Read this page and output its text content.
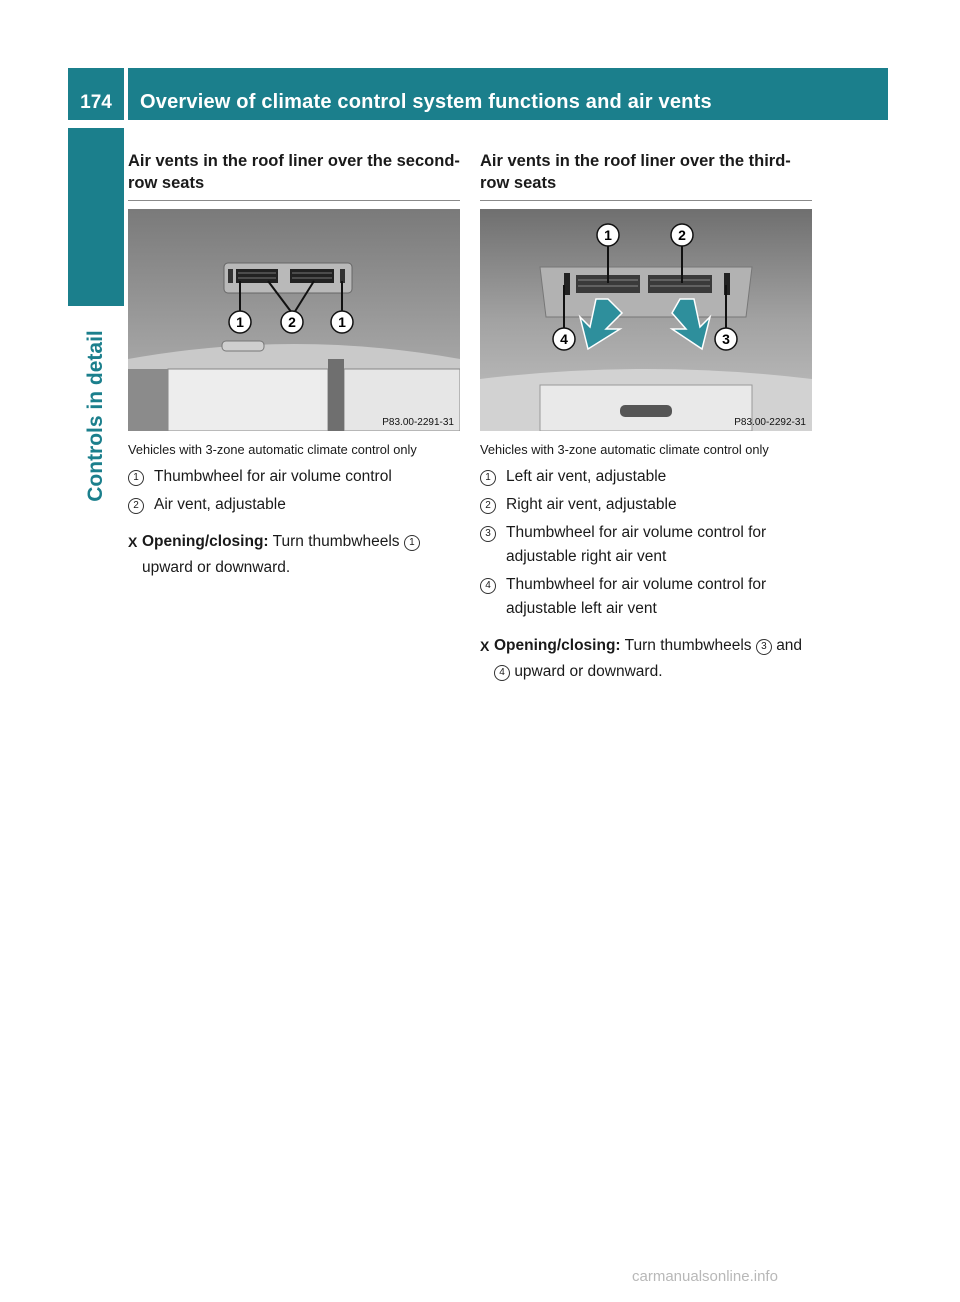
174	Overview of climate control system functions and air vents
Controls in detail
Air vents in the roof liner over the second-row seats
1	2	1
P83.00-2291-31
Vehicles with 3-zone automatic climate control only
1 Thumbwheel for air volume control
2 Air vent, adjustable
X Opening/closing: Turn thumbwheels 1 upward or downward.
Air vents in the roof liner over the third-row seats
1	2
3
4
P83.00-2292-31
Vehicles with 3-zone automatic climate control only
1 Left air vent, adjustable
2 Right air vent, adjustable
3 Thumbwheel for air volume control for adjustable right air vent
4 Thumbwheel for air volume control for adjustable left air vent
X Opening/closing: Turn thumbwheels 3 and 4 upward or downward.
carmanualsonline.info
